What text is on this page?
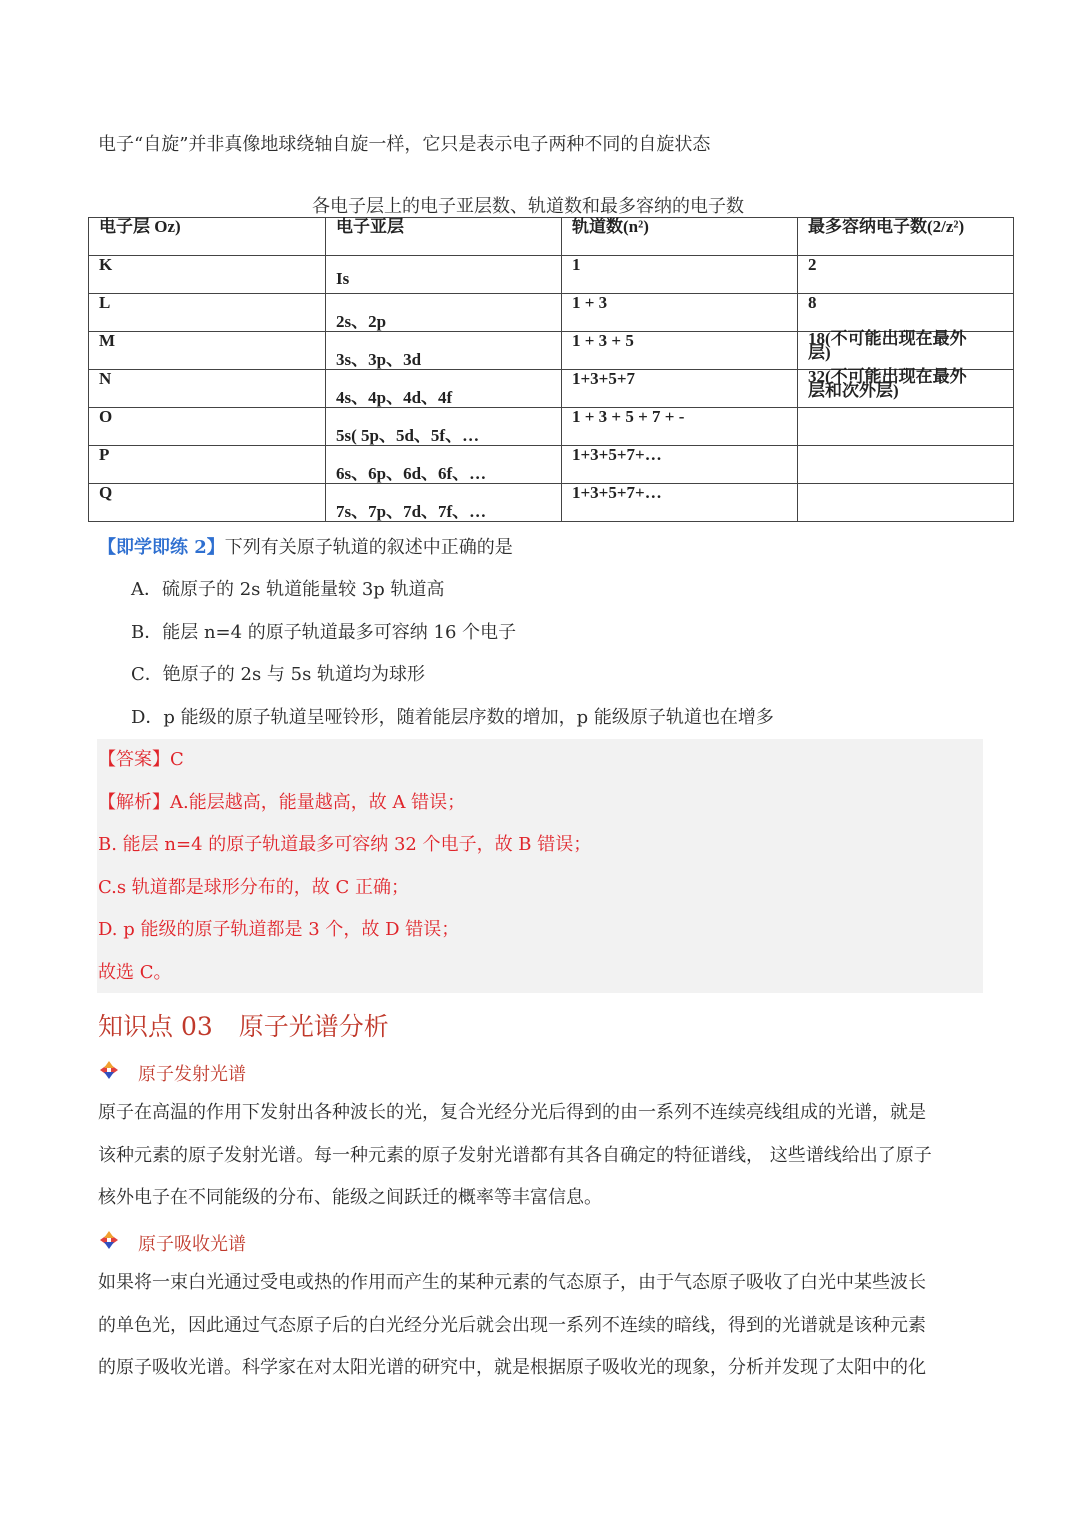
电子“自旋”并非真像地球绕轴自旋一样，它只是表示电子两种不同的自旋状态
各电子层上的电子亚层数、轨道数和最多容纳的电子数
电子层 Oz)	电子亚层	轨道数(n²)	最多容纳电子数(2/z²)

K	Is	1	2

L	2s、2p	1 + 3	8

M	3s、3p、3d	1 + 3 + 5	18(不可能出现在最外
层)

N	4s、4p、4d、4f	1+3+5+7	32(不可能出现在最外
层和次外层)

O	5s( 5p、5d、5f、…	1 + 3 + 5 + 7 + -	

P	6s、6p、6d、6f、…	1+3+5+7+…	

Q	7s、7p、7d、7f、…	1+3+5+7+…	

【即学即练 2】下列有关原子轨道的叙述中正确的是
A．硫原子的 2s 轨道能量较 3p 轨道高
B．能层 n=4 的原子轨道最多可容纳 16 个电子
C．铯原子的 2s 与 5s 轨道均为球形
D．p 能级的原子轨道呈哑铃形，随着能层序数的增加，p 能级原子轨道也在增多
【答案】C
【解析】A.能层越高，能量越高，故 A 错误；
B. 能层 n=4 的原子轨道最多可容纳 32 个电子，故 B 错误；
C.s 轨道都是球形分布的，故 C 正确；
D. p 能级的原子轨道都是 3 个，故 D 错误；
故选 C。
知识点 03 原子光谱分析
原子发射光谱
原子在高温的作用下发射出各种波长的光，复合光经分光后得到的由一系列不连续亮线组成的光谱，就是
该种元素的原子发射光谱。每一种元素的原子发射光谱都有其各自确定的特征谱线， 这些谱线给出了原子
核外电子在不同能级的分布、能级之间跃迁的概率等丰富信息。
原子吸收光谱
如果将一束白光通过受电或热的作用而产生的某种元素的气态原子，由于气态原子吸收了白光中某些波长
的单色光，因此通过气态原子后的白光经分光后就会出现一系列不连续的暗线，得到的光谱就是该种元素
的原子吸收光谱。科学家在对太阳光谱的研究中，就是根据原子吸收光的现象，分析并发现了太阳中的化
